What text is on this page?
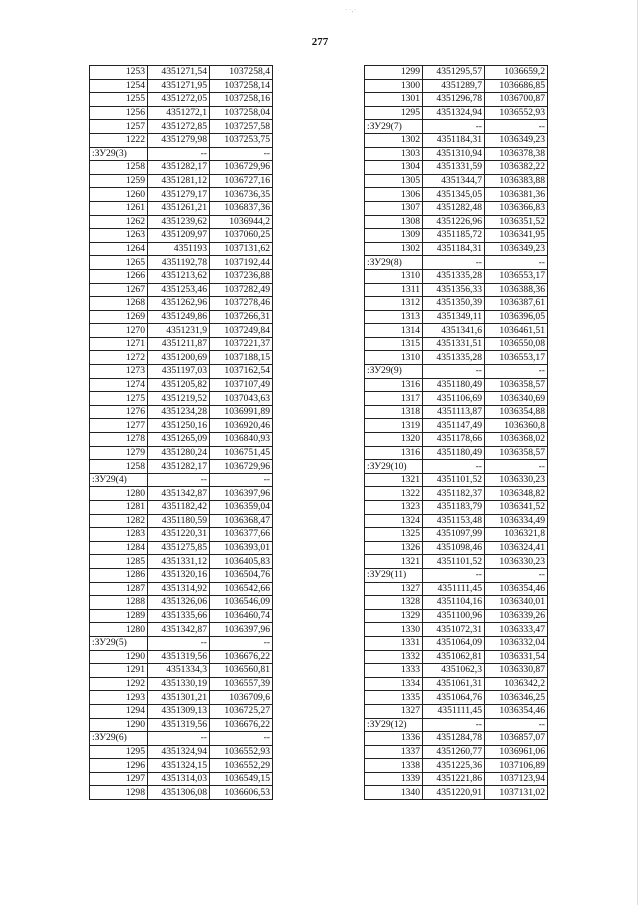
· ·‚·
277
1253	4351271,54	1037258,4
1254	4351271,95	1037258,14
1255	4351272,05	1037258,16
1256	4351272,1	1037258,04
1257	4351272,85	1037257,58
1222	4351279,98	1037253,75
:ЗУ29(3)	--	--
1258	4351282,17	1036729,96
1259	4351281,12	1036727,16
1260	4351279,17	1036736,35
1261	4351261,21	1036837,36
1262	4351239,62	1036944,2
1263	4351209,97	1037060,25
1264	4351193	1037131,62
1265	4351192,78	1037192,44
1266	4351213,62	1037236,88
1267	4351253,46	1037282,49
1268	4351262,96	1037278,46
1269	4351249,86	1037266,31
1270	4351231,9	1037249,84
1271	4351211,87	1037221,37
1272	4351200,69	1037188,15
1273	4351197,03	1037162,54
1274	4351205,82	1037107,49
1275	4351219,52	1037043,63
1276	4351234,28	1036991,89
1277	4351250,16	1036920,46
1278	4351265,09	1036840,93
1279	4351280,24	1036751,45
1258	4351282,17	1036729,96
:ЗУ29(4)	--	--
1280	4351342,87	1036397,96
1281	4351182,42	1036359,04
1282	4351180,59	1036368,47
1283	4351220,31	1036377,66
1284	4351275,85	1036393,01
1285	4351331,12	1036405,83
1286	4351320,16	1036504,76
1287	4351314,92	1036542,66
1288	4351326,06	1036546,09
1289	4351335,66	1036460,74
1280	4351342,87	1036397,96
:ЗУ29(5)	--	--
1290	4351319,56	1036676,22
1291	4351334,3	1036560,81
1292	4351330,19	1036557,39
1293	4351301,21	1036709,6
1294	4351309,13	1036725,27
1290	4351319,56	1036676,22
:ЗУ29(6)	--	--
1295	4351324,94	1036552,93
1296	4351324,15	1036552,29
1297	4351314,03	1036549,15
1298	4351306,08	1036606,53
1299	4351295,57	1036659,2
1300	4351289,7	1036686,85
1301	4351296,78	1036700,87
1295	4351324,94	1036552,93
:ЗУ29(7)	--	--
1302	4351184,31	1036349,23
1303	4351310,94	1036378,38
1304	4351331,59	1036382,22
1305	4351344,7	1036383,88
1306	4351345,05	1036381,36
1307	4351282,48	1036366,83
1308	4351226,96	1036351,52
1309	4351185,72	1036341,95
1302	4351184,31	1036349,23
:ЗУ29(8)	--	--
1310	4351335,28	1036553,17
1311	4351356,33	1036388,36
1312	4351350,39	1036387,61
1313	4351349,11	1036396,05
1314	4351341,6	1036461,51
1315	4351331,51	1036550,08
1310	4351335,28	1036553,17
:ЗУ29(9)	--	--
1316	4351180,49	1036358,57
1317	4351106,69	1036340,69
1318	4351113,87	1036354,88
1319	4351147,49	1036360,8
1320	4351178,66	1036368,02
1316	4351180,49	1036358,57
:ЗУ29(10)	--	--
1321	4351101,52	1036330,23
1322	4351182,37	1036348,82
1323	4351183,79	1036341,52
1324	4351153,48	1036334,49
1325	4351097,99	1036321,8
1326	4351098,46	1036324,41
1321	4351101,52	1036330,23
:ЗУ29(11)	--	--
1327	4351111,45	1036354,46
1328	4351104,16	1036340,01
1329	4351100,96	1036339,26
1330	4351072,31	1036333,47
1331	4351064,09	1036332,04
1332	4351062,81	1036331,54
1333	4351062,3	1036330,87
1334	4351061,31	1036342,2
1335	4351064,76	1036346,25
1327	4351111,45	1036354,46
:ЗУ29(12)	--	--
1336	4351284,78	1036857,07
1337	4351260,77	1036961,06
1338	4351225,36	1037106,89
1339	4351221,86	1037123,94
1340	4351220,91	1037131,02
